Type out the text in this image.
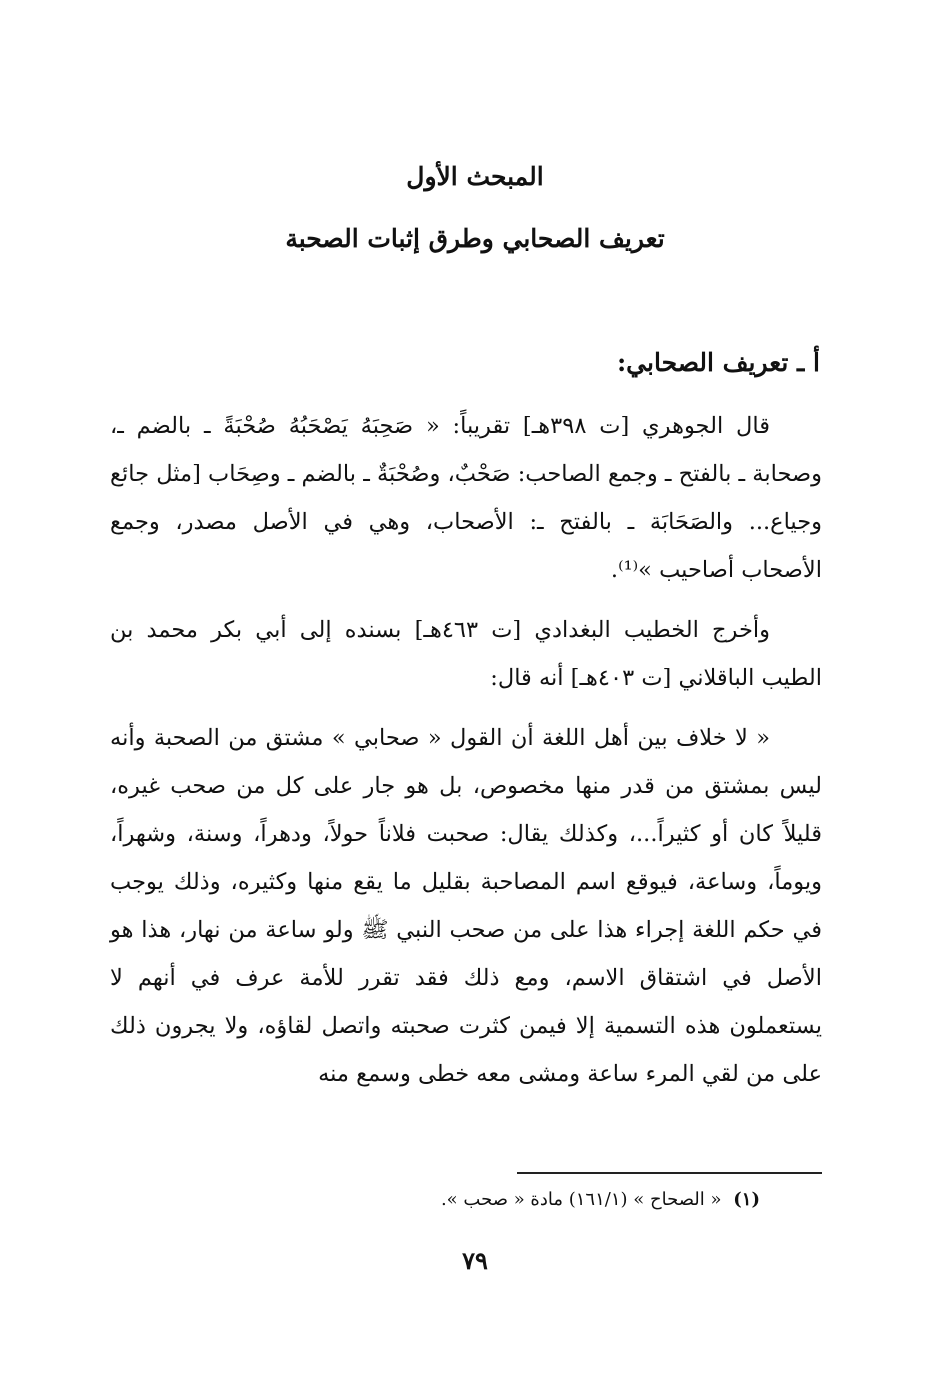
المبحث الأول
تعريف الصحابي وطرق إثبات الصحبة
أ ـ تعريف الصحابي:
قال الجوهري [ت ٣٩٨هـ] تقريباً: « صَحِبَهُ يَصْحَبُهُ صُحْبَةً ـ بالضم ـ، وصحابة ـ بالفتح ـ وجمع الصاحب: صَحْبٌ، وصُحْبَةٌ ـ بالضم ـ وصِحَاب [مثل جائع وجياع... والصَحَابَة ـ بالفتح ـ: الأصحاب، وهي في الأصل مصدر، وجمع الأصحاب أصاحيب »⁽¹⁾.
وأخرج الخطيب البغدادي [ت ٤٦٣هـ] بسنده إلى أبي بكر محمد بن الطيب الباقلاني [ت ٤٠٣هـ] أنه قال:
« لا خلاف بين أهل اللغة أن القول « صحابي » مشتق من الصحبة وأنه ليس بمشتق من قدر منها مخصوص، بل هو جار على كل من صحب غيره، قليلاً كان أو كثيراً...، وكذلك يقال: صحبت فلاناً حولاً، ودهراً، وسنة، وشهراً، ويوماً، وساعة، فيوقع اسم المصاحبة بقليل ما يقع منها وكثيره، وذلك يوجب في حكم اللغة إجراء هذا على من صحب النبي ﷺ ولو ساعة من نهار، هذا هو الأصل في اشتقاق الاسم، ومع ذلك فقد تقرر للأمة عرف في أنهم لا يستعملون هذه التسمية إلا فيمن كثرت صحبته واتصل لقاؤه، ولا يجرون ذلك على من لقي المرء ساعة ومشى معه خطى وسمع منه
(١) « الصحاح » (١٦١/١) مادة « صحب ».
٧٩
